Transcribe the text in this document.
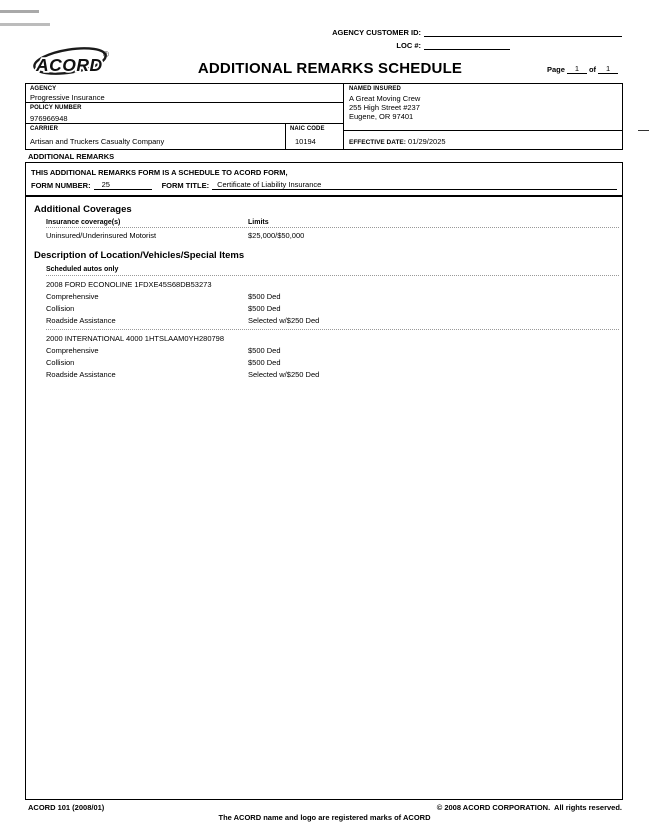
AGENCY CUSTOMER ID:
LOC #:
ACORD
®
ADDITIONAL REMARKS SCHEDULE	Page	1	of	1
AGENCY
Progressive Insurance
POLICY NUMBER
976966948
CARRIER
Artisan and Truckers Casualty Company
NAIC CODE
10194
NAMED INSURED
A Great Moving Crew
255 High Street #237
Eugene, OR 97401
EFFECTIVE DATE: 01/29/2025
ADDITIONAL REMARKS
THIS ADDITIONAL REMARKS FORM IS A SCHEDULE TO ACORD FORM,
FORM NUMBER:	25	FORM TITLE:	Certificate of Liability Insurance
Additional Coverages
Insurance coverage(s)	Limits
Uninsured/Underinsured Motorist	$25,000/$50,000
Description of Location/Vehicles/Special Items
Scheduled autos only
2008 FORD ECONOLINE 1FDXE45S68DB53273
Comprehensive	$500 Ded
Collision	$500 Ded
Roadside Assistance	Selected w/$250 Ded
2000 INTERNATIONAL 4000 1HTSLAAM0YH280798
Comprehensive	$500 Ded
Collision	$500 Ded
Roadside Assistance	Selected w/$250 Ded
ACORD 101 (2008/01)	© 2008 ACORD CORPORATION.  All rights reserved.
The ACORD name and logo are registered marks of ACORD
